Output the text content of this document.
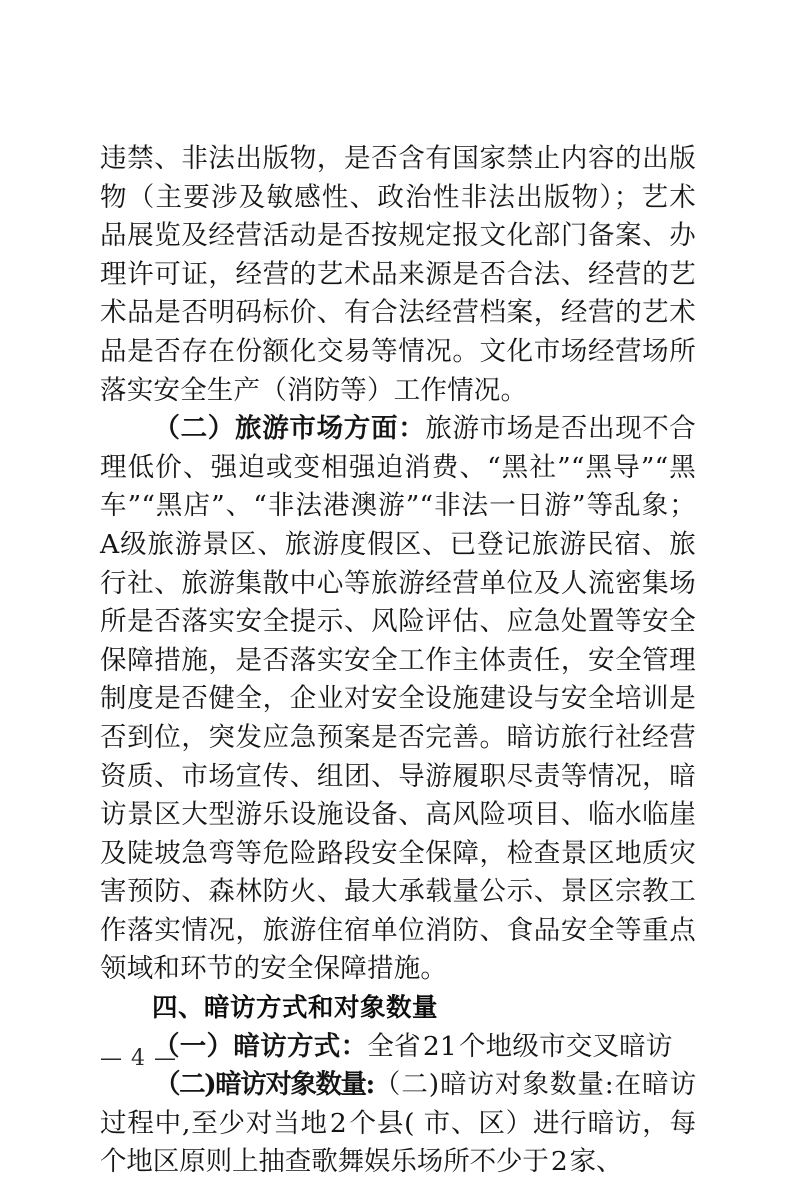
违禁、非法出版物，是否含有国家禁止内容的出版物（主要涉及敏感性、政治性非法出版物）；艺术品展览及经营活动是否按规定报文化部门备案、办理许可证，经营的艺术品来源是否合法、经营的艺术品是否明码标价、有合法经营档案，经营的艺术品是否存在份额化交易等情况。文化市场经营场所落实安全生产（消防等）工作情况。

（二）旅游市场方面：旅游市场是否出现不合理低价、强迫或变相强迫消费、“黑社”“黑导”“黑车”“黑店”、“非法港澳游”“非法一日游”等乱象；A级旅游景区、旅游度假区、已登记旅游民宿、旅行社、旅游集散中心等旅游经营单位及人流密集场所是否落实安全提示、风险评估、应急处置等安全保障措施，是否落实安全工作主体责任，安全管理制度是否健全，企业对安全设施建设与安全培训是否到位，突发应急预案是否完善。暗访旅行社经营资质、市场宣传、组团、导游履职尽责等情况，暗访景区大型游乐设施设备、高风险项目、临水临崖及陡坡急弯等危险路段安全保障，检查景区地质灾害预防、森林防火、最大承载量公示、景区宗教工作落实情况，旅游住宿单位消防、食品安全等重点领域和环节的安全保障措施。

四、暗访方式和对象数量

（一）暗访方式：全省21个地级市交叉暗访

（二)暗访对象数量:（二)暗访对象数量:在暗访过程中,至少对当地2个县( 市、区）进行暗访，每个地区原则上抽查歌舞娱乐场所不少于2家、

— 4 —
